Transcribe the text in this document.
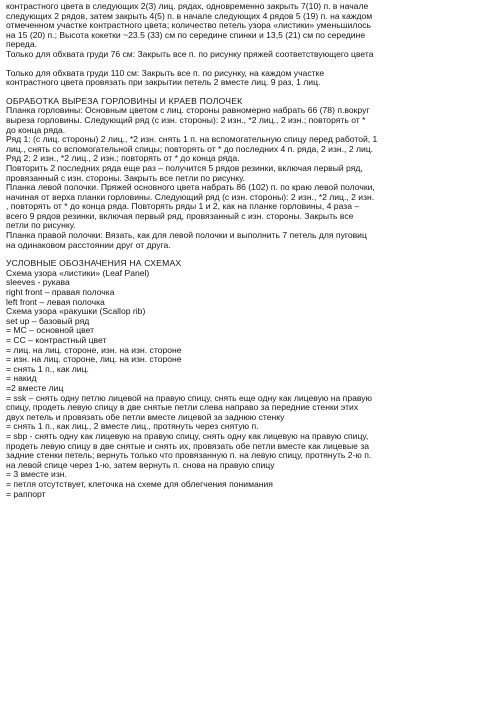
контрастного цвета в следующих 2(3) лиц. рядах, одновременно закрыть 7(10) п. в начале
следующих 2 рядов, затем закрыть 4(5) п. в начале следующих 4 рядов 5 (19) п. на каждом
отмеченном участке контрастного цвета; количество петель узора «листики» уменьшилось
на 15 (20) п.; Высота кокетки ~23.5 (33) см по середине спинки и 13,5 (21) см по середине
переда.
Только для обхвата груди 76 см: Закрыть все п. по рисунку пряжей соответствующего цвета
Только для обхвата груди 110 см: Закрыть все п. по рисунку, на каждом участке
контрастного цвета провязать при закрытии петель 2 вместе лиц. 9 раз, 1 лиц.
ОБРАБОТКА ВЫРЕЗА ГОРЛОВИНЫ И КРАЕВ ПОЛОЧЕК
Планка горловины: Основным цветом с лиц. стороны равномерно набрать 66 (78) п.вокруг
выреза горловины. Следующий ряд (с изн. стороны): 2 изн., *2 лиц., 2 изн.; повторять от *
до конца ряда.
Ряд 1: (с лиц. стороны) 2 лиц., *2 изн. снять 1 п. на вспомогательную спицу перед работой, 1
лиц., снять со вспомогательной спицы; повторять от * до последних 4 п. ряда, 2 изн., 2 лиц.
Ряд 2: 2 изн., *2 лиц., 2 изн.; повторять от * до конца ряда.
Повторить 2 последних ряда еще раз – получится 5 рядов резинки, включая первый ряд,
провязанный с изн. стороны. Закрыть все петли по рисунку.
Планка левой полочки. Пряжей основного цвета набрать 86 (102) п. по краю левой полочки,
начиная от верха планки горловины. Следующий ряд (с изн. стороны): 2 изн., *2 лиц., 2 изн.
, повторять от * до конца ряда. Повторять ряды 1 и 2, как на планке горловины, 4 раза –
всего 9 рядов резинки, включая первый ряд, провязанный с изн. стороны. Закрыть все
петли по рисунку.
Планка правой полочки: Вязать, как для левой полочки и выполнить 7 петель для пуговиц
на одинаковом расстоянии друг от друга.
УСЛОВНЫЕ ОБОЗНАЧЕНИЯ НА СХЕМАХ
Схема узора «листики» (Leaf Panel)
sleeves - рукава
right front – правая полочка
left front – левая полочка
Схема узора «ракушки (Scallop rib)
set up – базовый ряд
= MC – основной цвет
= CC – контрастный цвет
= лиц. на лиц. стороне, изн. на изн. стороне
= изн. на лиц. стороне, лиц. на изн. стороне
= снять 1 п., как лиц.
= накид
=2 вместе лиц
= ssk – снять одну петлю лицевой на правую спицу, снять еще одну как лицевую на правую
спицу, продеть левую спицу в две снятые петли слева направо за передние стенки этих
двух петель и провязать обе петли вместе лицевой за заднюю стенку
= снять 1 п., как лиц., 2 вместе лиц., протянуть через снятую п.
= sbp - снять одну как лицевую на правую спицу, снять одну как лицевую на правую спицу,
продеть левую спицу в две снятые и снять их, провязать обе петли вместе как лицевые за
задние стенки петель; вернуть только что провязанную п. на левую спицу, протянуть 2-ю п.
на левой спице через 1-ю, затем вернуть п. снова на правую спицу
= 3 вместе изн.
= петля отсутствует, клеточка на схеме для облегчения понимания
= раппорт
